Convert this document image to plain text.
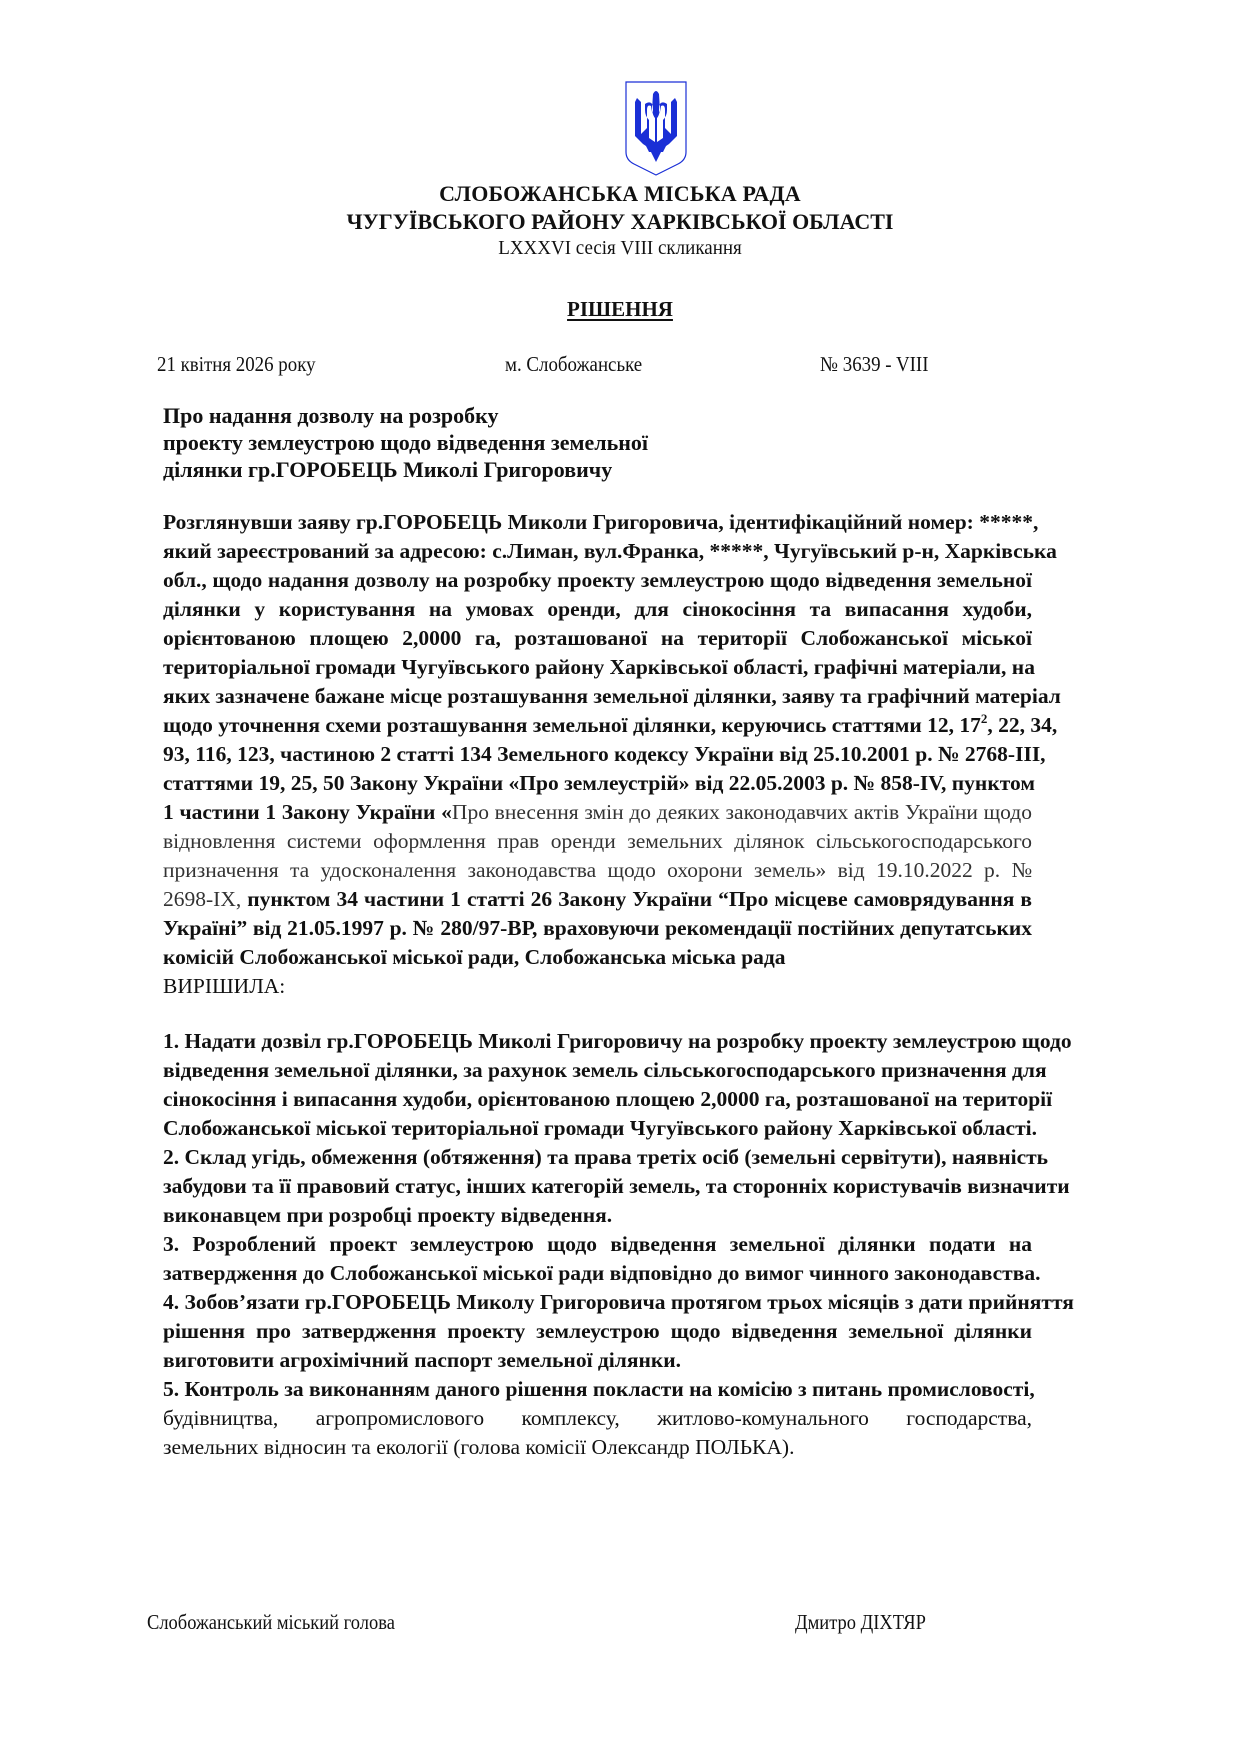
СЛОБОЖАНСЬКА МІСЬКА РАДА
ЧУГУЇВСЬКОГО РАЙОНУ ХАРКІВСЬКОЇ ОБЛАСТІ
LXXXVI сесія VIII скликання
РІШЕННЯ
21 квітня 2026 року	м. Слобожанське	№ 3639 - VIII
Про надання дозволу на розробку
проекту землеустрою щодо відведення земельної
ділянки гр.ГОРОБЕЦЬ Миколі Григоровичу
Розглянувши заяву гр.ГОРОБЕЦЬ Миколи Григоровича, ідентифікаційний номер: *****,
який зареєстрований за адресою: с.Лиман, вул.Франка, *****, Чугуївський р-н, Харківська
обл., щодо надання дозволу на розробку проекту землеустрою щодо відведення земельної
ділянки у користування на умовах оренди, для сінокосіння та випасання худоби,
орієнтованою площею 2,0000 га, розташованої на території Слобожанської міської
територіальної громади Чугуївського району Харківської області, графічні матеріали, на
яких зазначене бажане місце розташування земельної ділянки, заяву та графічний матеріал
щодо уточнення схеми розташування земельної ділянки, керуючись статтями 12, $17^2$, 22, 34,
93, 116, 123, частиною 2 статті 134 Земельного кодексу України від 25.10.2001 р. № 2768-ІІІ,
статтями 19, 25, 50 Закону України «Про землеустрій» від 22.05.2003 р. № 858-IV, пунктом
1 частини 1 Закону України «Про внесення змін до деяких законодавчих актів України щодо
відновлення системи оформлення прав оренди земельних ділянок сільськогосподарського
призначення та удосконалення законодавства щодо охорони земель» від 19.10.2022 р. №
2698-ІХ, пунктом 34 частини 1 статті 26 Закону України “Про місцеве самоврядування в
Україні” від 21.05.1997 р. № 280/97-ВР, враховуючи рекомендації постійних депутатських
комісій Слобожанської міської ради, Слобожанська міська рада
ВИРІШИЛА:
1. Надати дозвіл гр.ГОРОБЕЦЬ Миколі Григоровичу на розробку проекту землеустрою щодо
відведення земельної ділянки, за рахунок земель сільськогосподарського призначення для
сінокосіння і випасання худоби, орієнтованою площею 2,0000 га, розташованої на території
Слобожанської міської територіальної громади Чугуївського району Харківської області.
2. Склад угідь, обмеження (обтяження) та права третіх осіб (земельні сервітути), наявність
забудови та її правовий статус, інших категорій земель, та сторонніх користувачів визначити
виконавцем при розробці проекту відведення.
3. Розроблений проект землеустрою щодо відведення земельної ділянки подати на
затвердження до Слобожанської міської ради відповідно до вимог чинного законодавства.
4. Зобов’язати гр.ГОРОБЕЦЬ Миколу Григоровича протягом трьох місяців з дати прийняття
рішення про затвердження проекту землеустрою щодо відведення земельної ділянки
виготовити агрохімічний паспорт земельної ділянки.
5. Контроль за виконанням даного рішення покласти на комісію з питань промисловості,
будівництва, агропромислового комплексу, житлово-комунального господарства,
земельних відносин та екології (голова комісії Олександр ПОЛЬКА).
Слобожанський міський голова	Дмитро ДІХТЯР
